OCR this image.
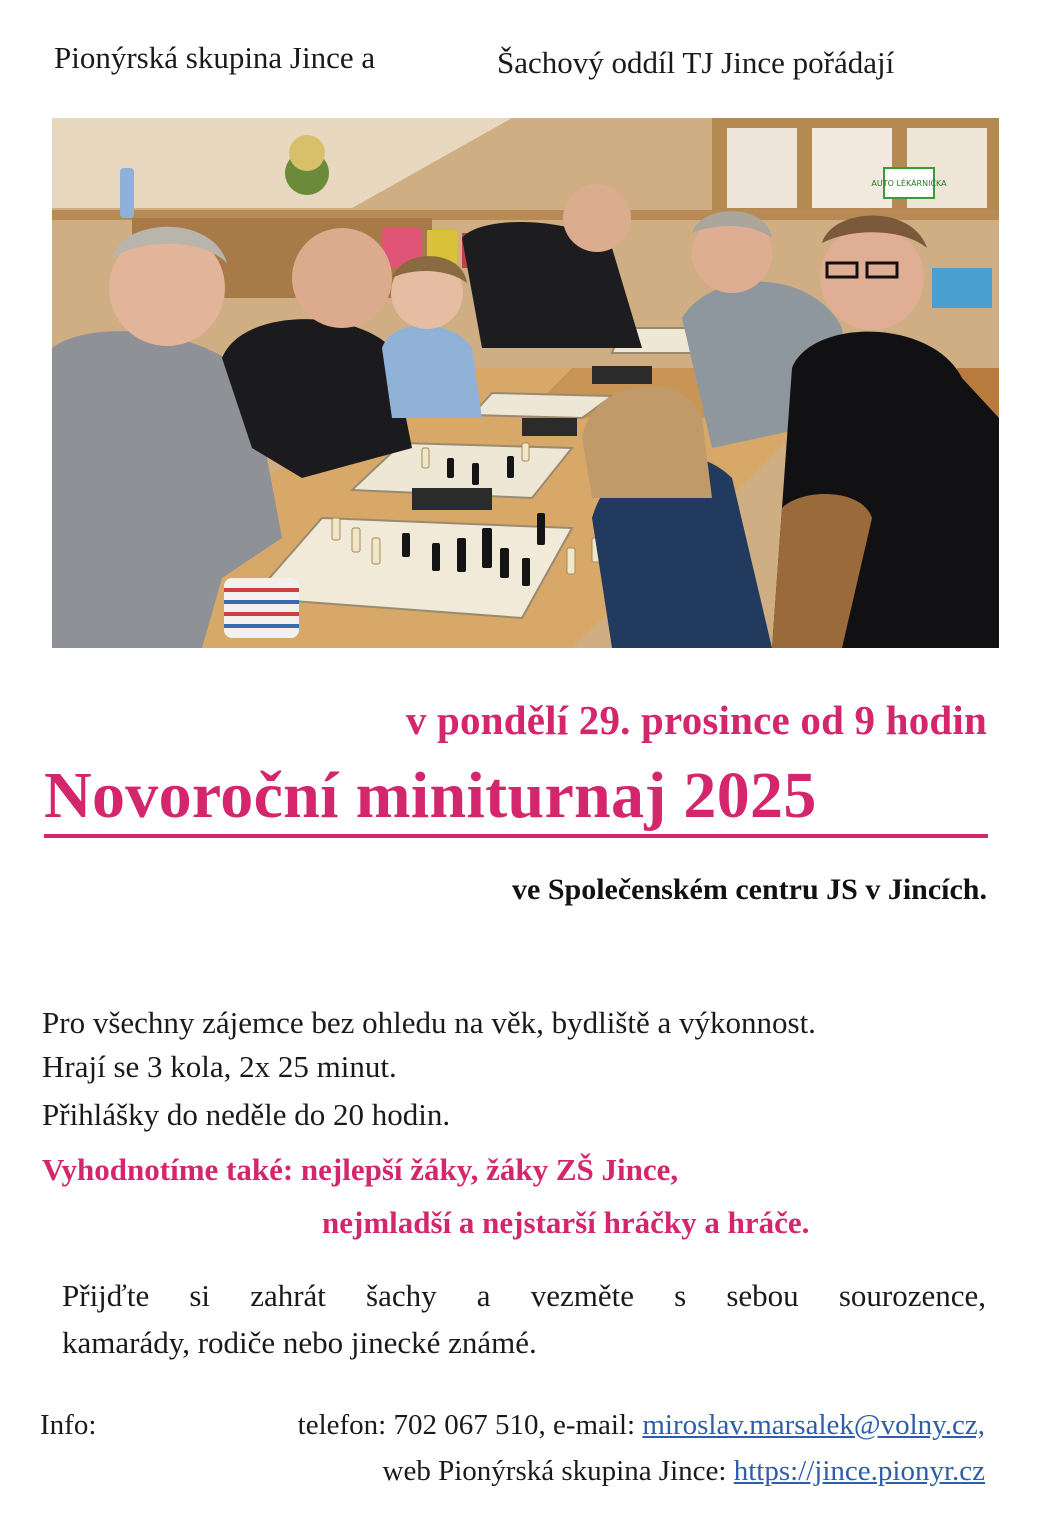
Pionýrská skupina Jince a	Šachový oddíl TJ Jince pořádají
AUTO LÉKÁRNIČKA
v pondělí 29. prosince od 9 hodin
Novoroční miniturnaj 2025
ve Společenském centru JS v Jincích.
Pro všechny zájemce bez ohledu na věk, bydliště a výkonnost.
Hrají se 3 kola, 2x 25 minut.
Přihlášky do neděle do 20 hodin.
Vyhodnotíme také: nejlepší žáky, žáky ZŠ Jince,
nejmladší a nejstarší hráčky a hráče.
Přijďte si zahrát šachy a vezměte s sebou sourozence,
kamarády, rodiče nebo jinecké známé.
Info:	telefon: 702 067 510, e-mail: miroslav.marsalek@volny.cz,
web Pionýrská skupina Jince: https://jince.pionyr.cz
